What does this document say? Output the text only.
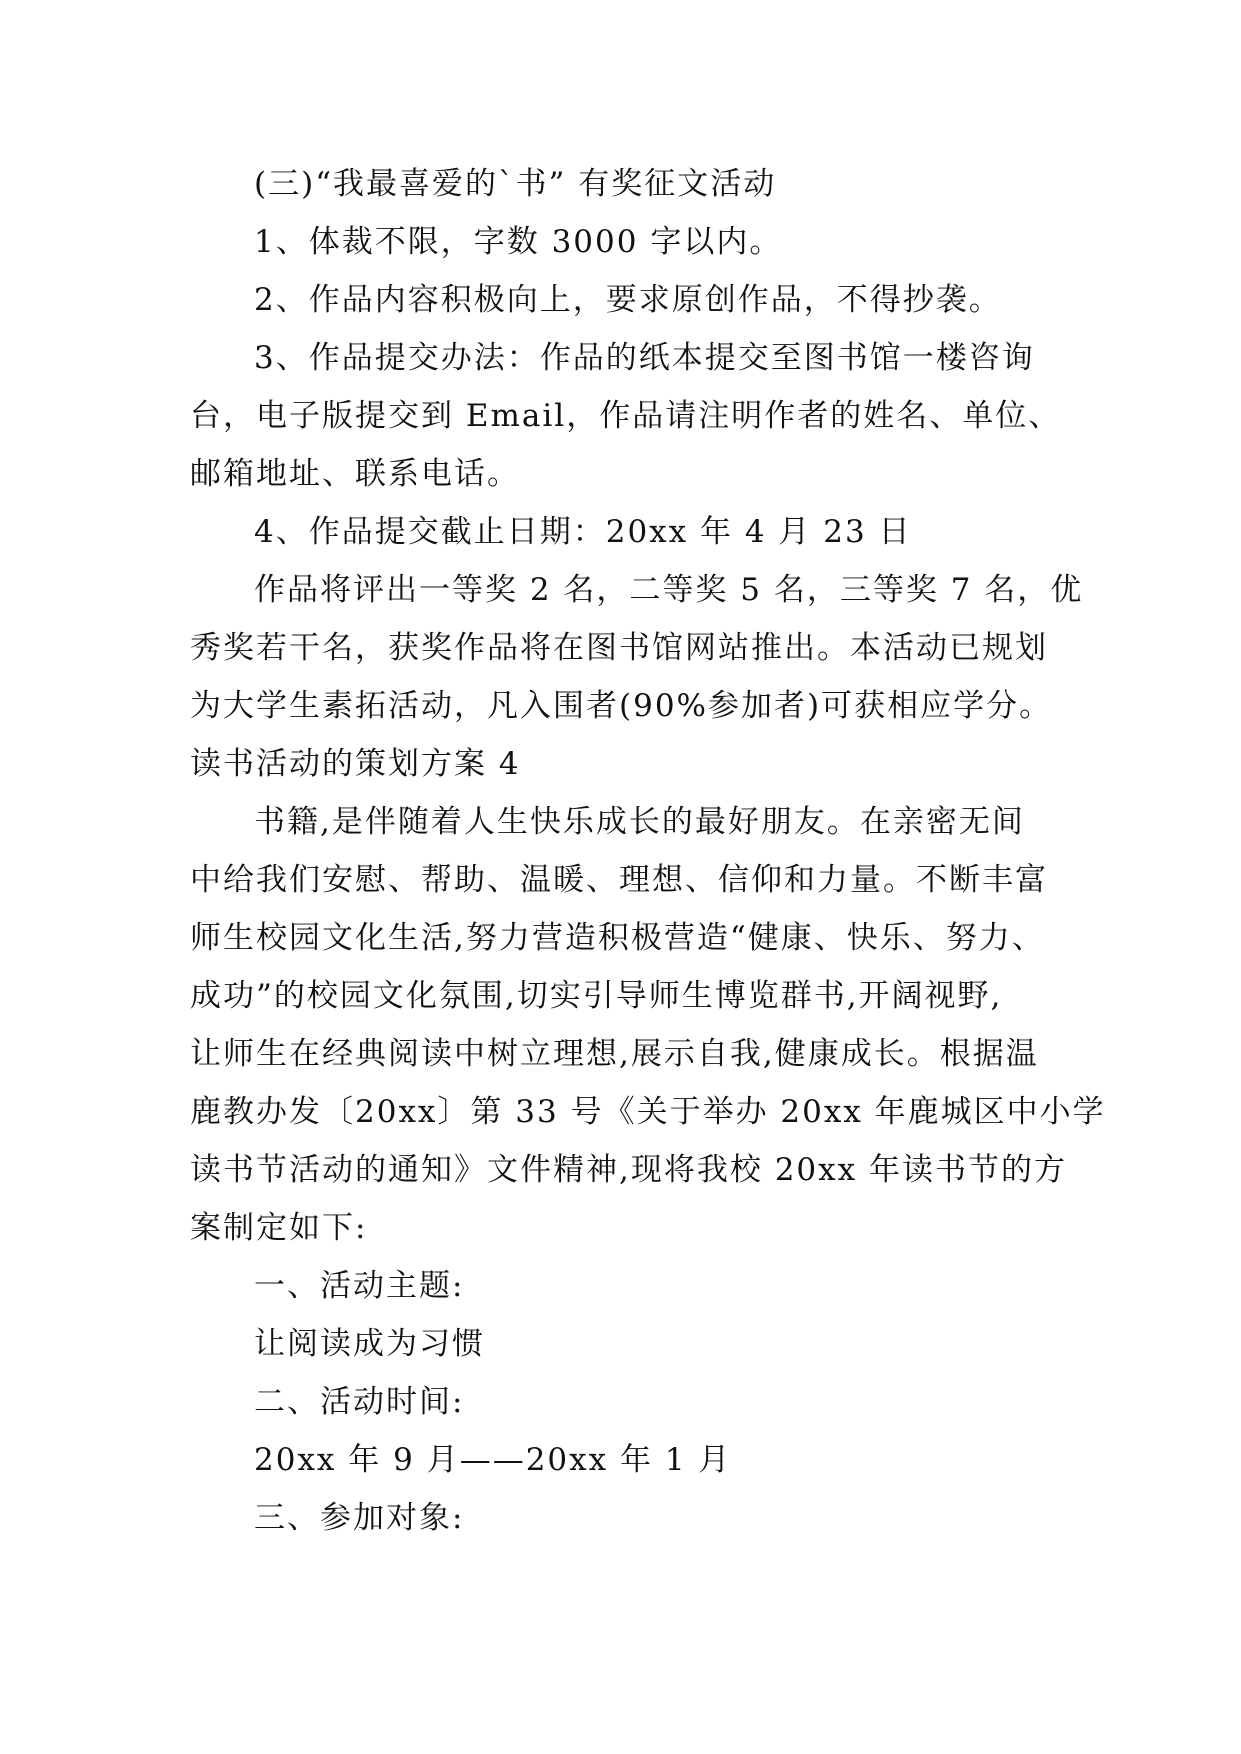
(三)“我最喜爱的`书” 有奖征文活动
1、体裁不限，字数 3000 字以内。
2、作品内容积极向上，要求原创作品，不得抄袭。
3、作品提交办法：作品的纸本提交至图书馆一楼咨询
台，电子版提交到 Email，作品请注明作者的姓名、单位、
邮箱地址、联系电话。
4、作品提交截止日期：20xx 年 4 月 23 日
作品将评出一等奖 2 名，二等奖 5 名，三等奖 7 名，优
秀奖若干名，获奖作品将在图书馆网站推出。本活动已规划
为大学生素拓活动，凡入围者(90%参加者)可获相应学分。
读书活动的策划方案 4
书籍,是伴随着人生快乐成长的最好朋友。在亲密无间
中给我们安慰、帮助、温暖、理想、信仰和力量。不断丰富
师生校园文化生活,努力营造积极营造“健康、快乐、努力、
成功”的校园文化氛围,切实引导师生博览群书,开阔视野,
让师生在经典阅读中树立理想,展示自我,健康成长。根据温
鹿教办发〔20xx〕第 33 号《关于举办 20xx 年鹿城区中小学
读书节活动的通知》文件精神,现将我校 20xx 年读书节的方
案制定如下:
一、活动主题:
让阅读成为习惯
二、活动时间:
20xx 年 9 月——20xx 年 1 月
三、参加对象:
